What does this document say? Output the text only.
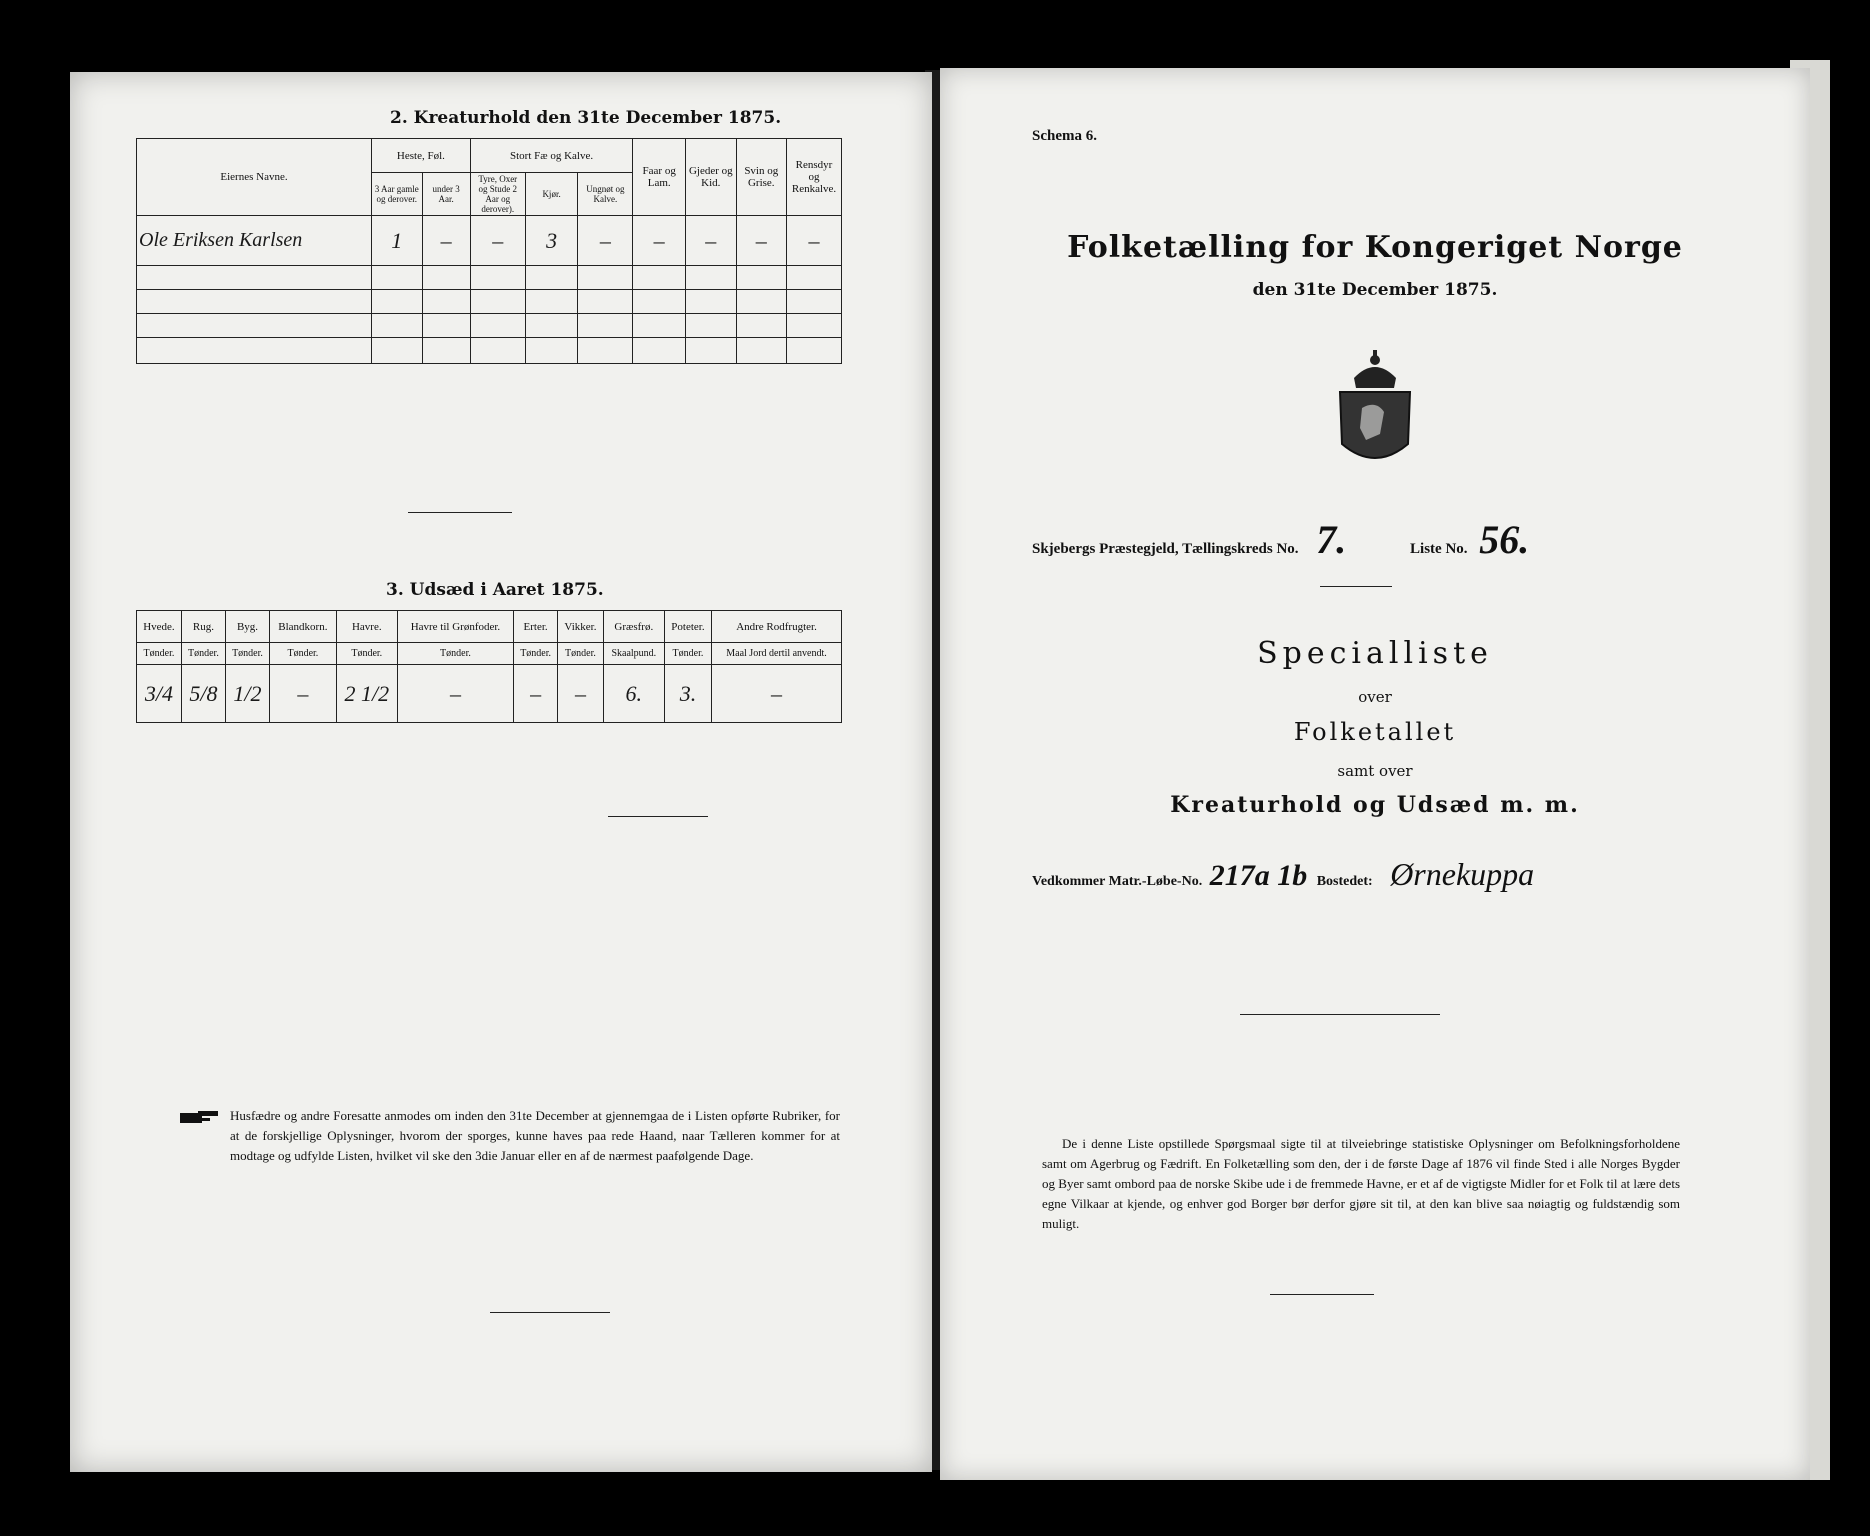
2. Kreaturhold den 31te December 1875.
Eiernes Navne.	Heste, Føl.		Stort Fæ og Kalve.			Faar og Lam.	Gjeder og Kid.	Svin og Grise.	Rensdyr og Renkalve.
	3 Aar gamle og derover.	under 3 Aar.	Tyre, Oxer og Stude 2 Aar og derover).	Kjør.	Ungnøt og Kalve.				
Ole Eriksen Karlsen	1	–	–	3	–	–	–	–	–

3. Udsæd i Aaret 1875.
Hvede.	Rug.	Byg.	Blandkorn.	Havre.	Havre til Grønfoder.	Erter.	Vikker.	Græsfrø.	Poteter.	Andre Rodfrugter.
Tønder.	Tønder.	Tønder.	Tønder.	Tønder.	Tønder.	Tønder.	Tønder.	Skaalpund.	Tønder.	Maal Jord dertil anvendt.
3/4	5/8	1/2	–	2 1/2	–	–	–	6.	3.	–
Husfædre og andre Foresatte anmodes om inden den 31te December at gjennemgaa de i Listen opførte Rubriker, for at de forskjellige Oplysninger, hvorom der sporges, kunne haves paa rede Haand, naar Tælleren kommer for at modtage og udfylde Listen, hvilket vil ske den 3die Januar eller en af de nærmest paafølgende Dage.
Schema 6.
Folketælling for Kongeriget Norge
den 31te December 1875.
Skjebergs Præstegjeld, Tællingskreds No. 7.	Liste No. 56.
Specialliste
over
Folketallet
samt over
Kreaturhold og Udsæd m. m.
Vedkommer Matr.-Løbe-No. 217a 1b Bostedet: Ørnekuppa
De i denne Liste opstillede Spørgsmaal sigte til at tilveiebringe statistiske Oplysninger om Befolkningsforholdene samt om Agerbrug og Fædrift. En Folketælling som den, der i de første Dage af 1876 vil finde Sted i alle Norges Bygder og Byer samt ombord paa de norske Skibe ude i de fremmede Havne, er et af de vigtigste Midler for et Folk til at lære dets egne Vilkaar at kjende, og enhver god Borger bør derfor gjøre sit til, at den kan blive saa nøiagtig og fuldstændig som muligt.
